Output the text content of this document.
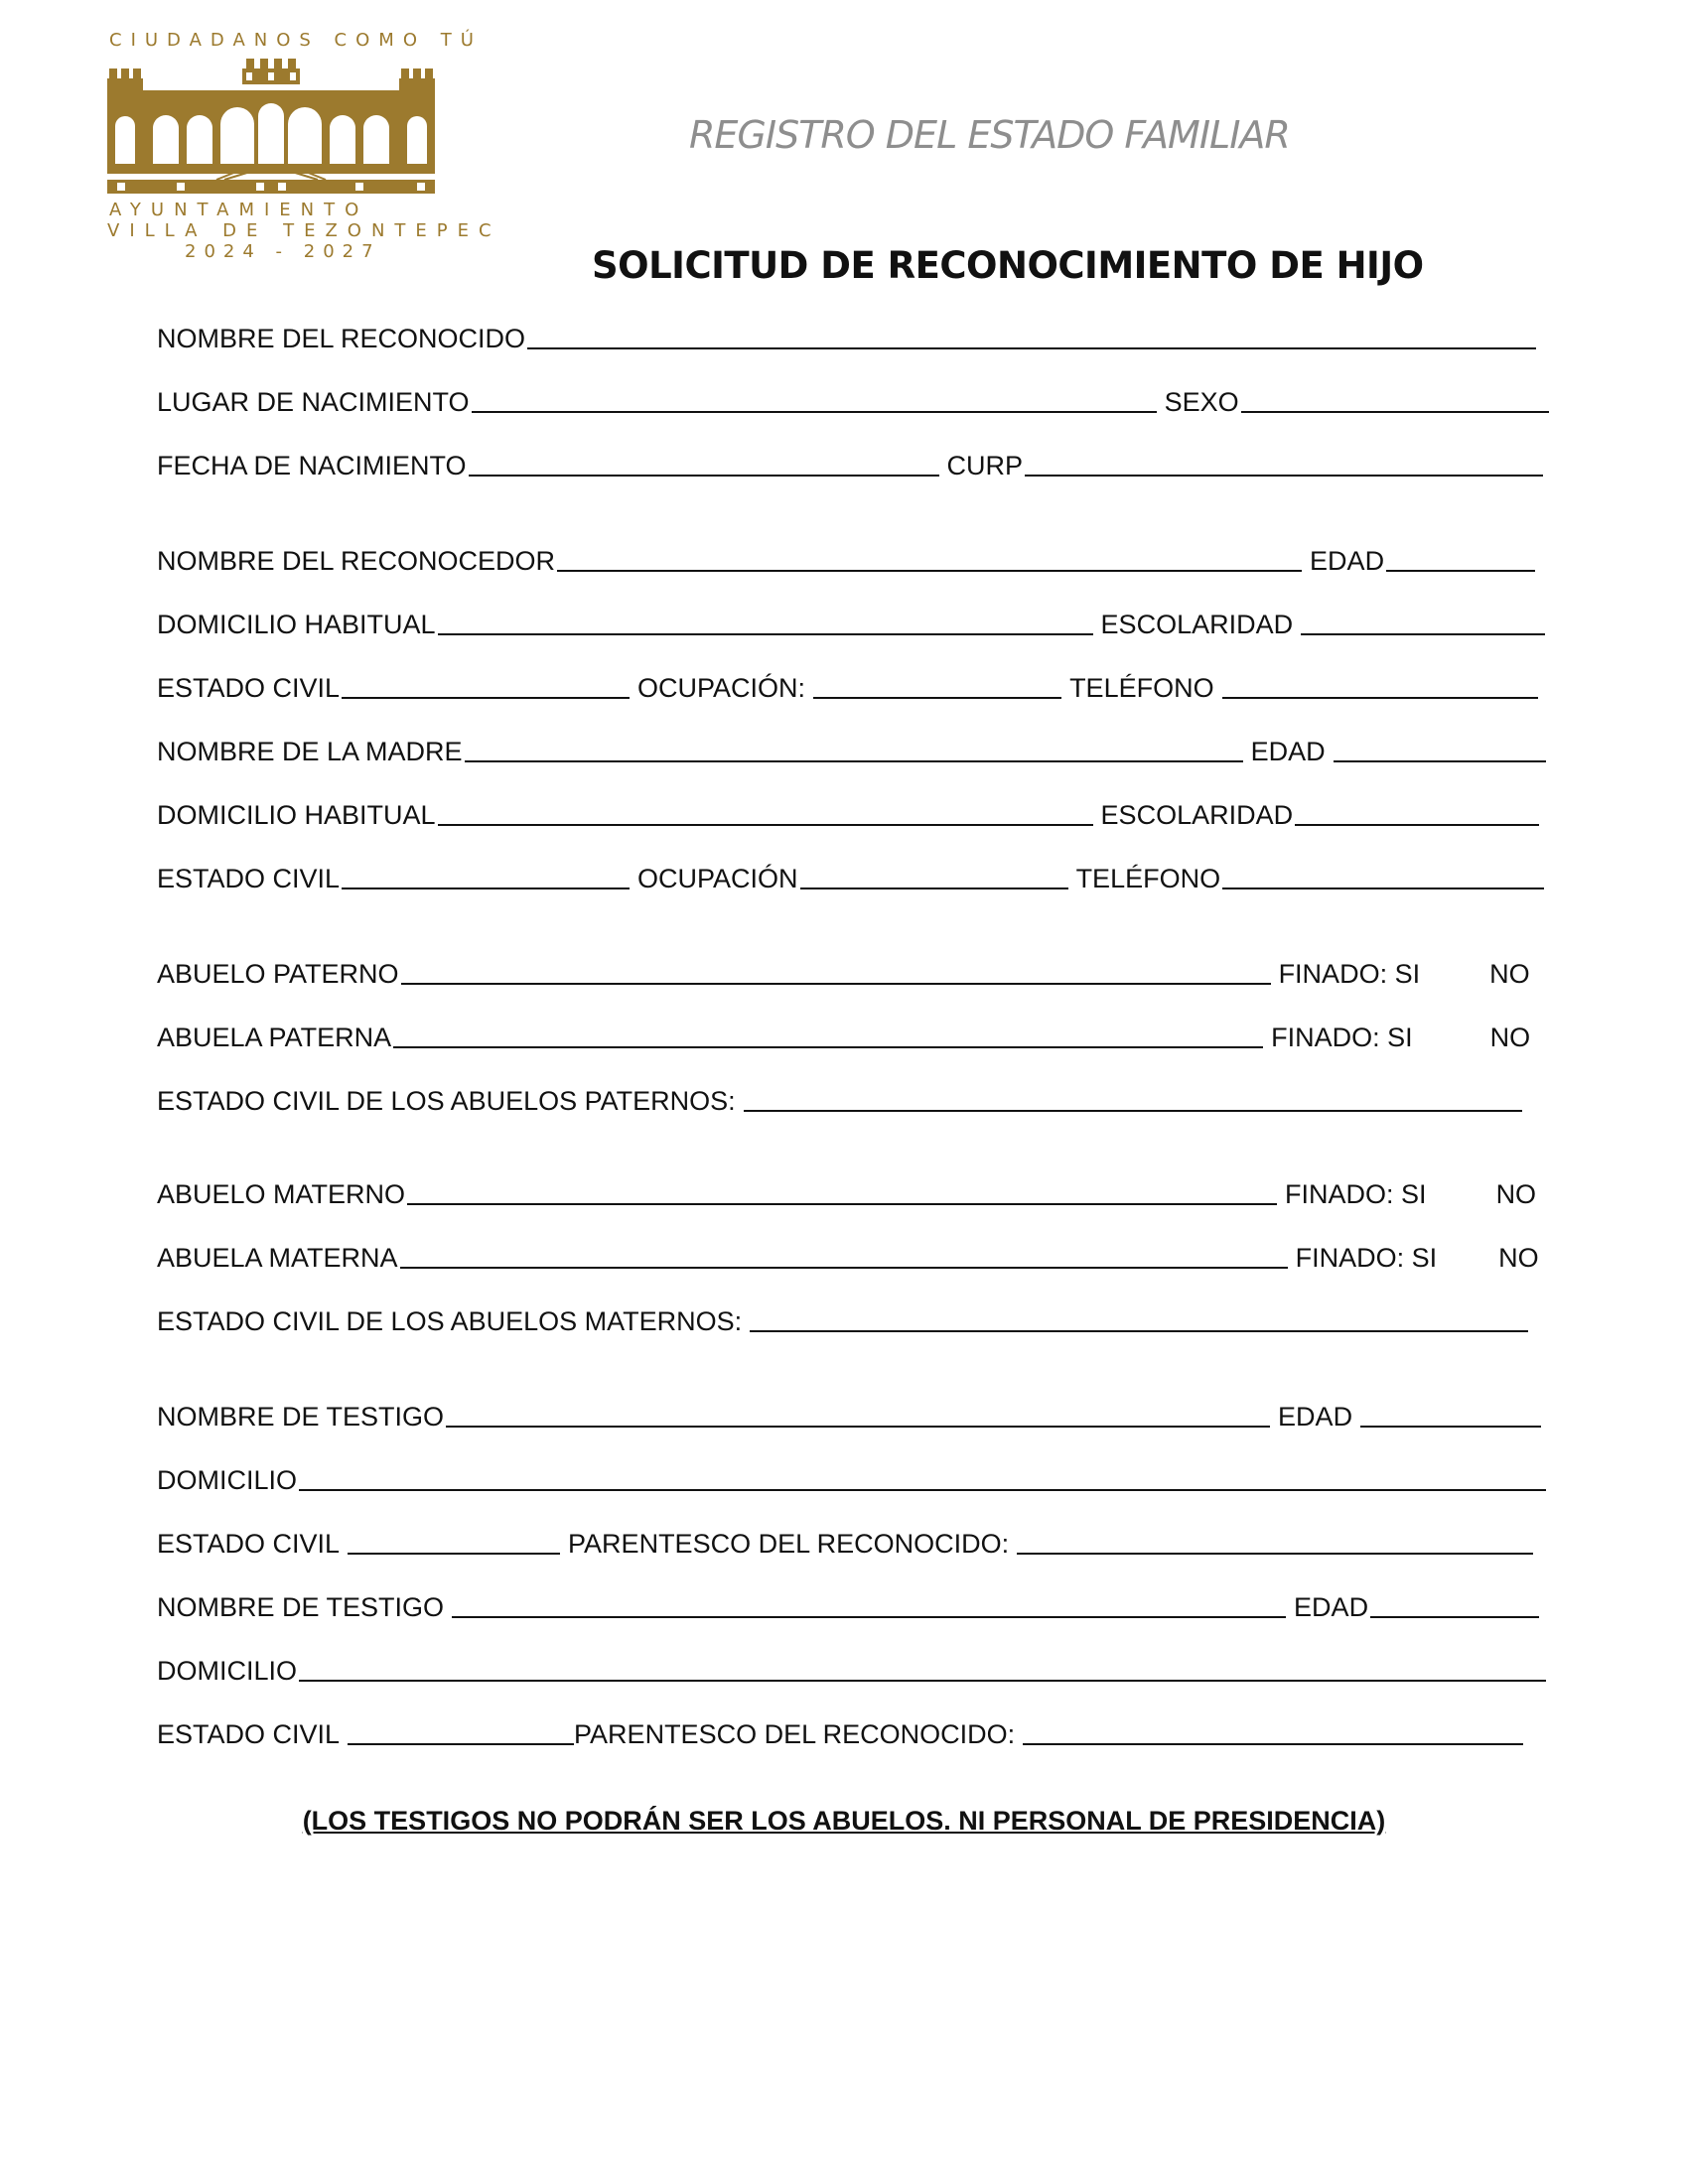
CIUDADANOS COMO TÚ
AYUNTAMIENTO
VILLA DE TEZONTEPEC
2024 - 2027
REGISTRO DEL ESTADO FAMILIAR
SOLICITUD DE RECONOCIMIENTO DE HIJO
NOMBRE DEL RECONOCIDO
LUGAR DE NACIMIENTO	SEXO
FECHA DE NACIMIENTO	CURP
NOMBRE DEL RECONOCEDOR	EDAD
DOMICILIO HABITUAL	ESCOLARIDAD
ESTADO CIVIL	OCUPACIÓN:	TELÉFONO
NOMBRE DE LA MADRE	EDAD
DOMICILIO HABITUAL	ESCOLARIDAD
ESTADO CIVIL	OCUPACIÓN	TELÉFONO
ABUELO PATERNO	FINADO: SI	NO
ABUELA PATERNA	FINADO: SI	NO
ESTADO CIVIL DE LOS ABUELOS PATERNOS:
ABUELO MATERNO	FINADO: SI	NO
ABUELA MATERNA	FINADO: SI NO
ESTADO CIVIL DE LOS ABUELOS MATERNOS:
NOMBRE DE TESTIGO	EDAD
DOMICILIO
ESTADO CIVIL	PARENTESCO DEL RECONOCIDO:
NOMBRE DE TESTIGO	EDAD
DOMICILIO
ESTADO CIVIL	PARENTESCO DEL RECONOCIDO:
(LOS TESTIGOS NO PODRÁN SER LOS ABUELOS. NI PERSONAL DE PRESIDENCIA)
